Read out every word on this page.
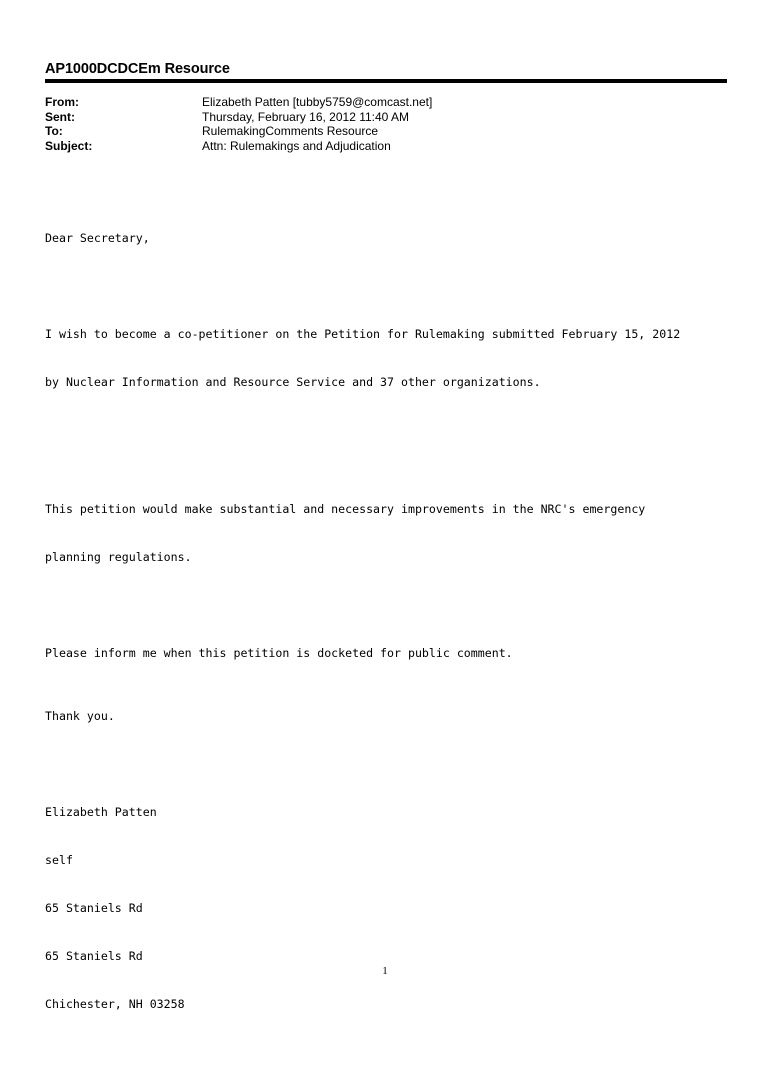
AP1000DCDCEm Resource
From:	Elizabeth Patten [tubby5759@comcast.net]
Sent:	Thursday, February 16, 2012 11:40 AM
To:	RulemakingComments Resource
Subject:	Attn: Rulemakings and Adjudication

Dear Secretary,

I wish to become a co-petitioner on the Petition for Rulemaking submitted February 15, 2012

by Nuclear Information and Resource Service and 37 other organizations.

This petition would make substantial and necessary improvements in the NRC's emergency

planning regulations.

Please inform me when this petition is docketed for public comment.

Thank you.

Elizabeth Patten

self

65 Staniels Rd

65 Staniels Rd

Chichester, NH 03258

1
